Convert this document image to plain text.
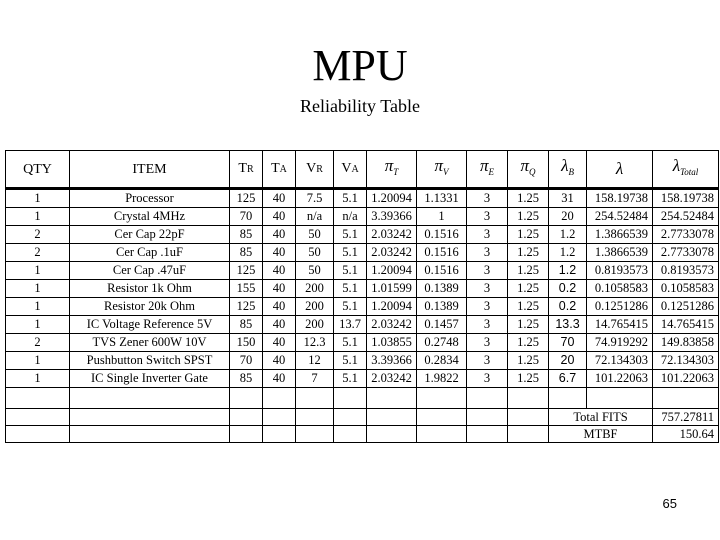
MPU
Reliability Table
QTY	ITEM	TR	TA	VR	VA	$\pi_T$	$\pi_V$	$\pi_E$	$\pi_Q$	$\lambda_B$	λ	$\lambda_{Total}$
1	Processor	125	40	7.5	5.1	1.20094	1.1331	3	1.25	31	158.19738	158.19738
1	Crystal 4MHz	70	40	n/a	n/a	3.39366	1	3	1.25	20	254.52484	254.52484
2	Cer Cap 22pF	85	40	50	5.1	2.03242	0.1516	3	1.25	1.2	1.3866539	2.7733078
2	Cer Cap .1uF	85	40	50	5.1	2.03242	0.1516	3	1.25	1.2	1.3866539	2.7733078
1	Cer Cap .47uF	125	40	50	5.1	1.20094	0.1516	3	1.25	1.2	0.8193573	0.8193573
1	Resistor 1k Ohm	155	40	200	5.1	1.01599	0.1389	3	1.25	0.2	0.1058583	0.1058583
1	Resistor 20k Ohm	125	40	200	5.1	1.20094	0.1389	3	1.25	0.2	0.1251286	0.1251286
1	IC Voltage Reference 5V	85	40	200	13.7	2.03242	0.1457	3	1.25	13.3	14.765415	14.765415
2	TVS Zener 600W 10V	150	40	12.3	5.1	1.03855	0.2748	3	1.25	70	74.919292	149.83858
1	Pushbutton Switch SPST	70	40	12	5.1	3.39366	0.2834	3	1.25	20	72.134303	72.134303
1	IC Single Inverter Gate	85	40	7	5.1	2.03242	1.9822	3	1.25	6.7	101.22063	101.22063

										Total FITS		757.27811
										MTBF		150.64
65
